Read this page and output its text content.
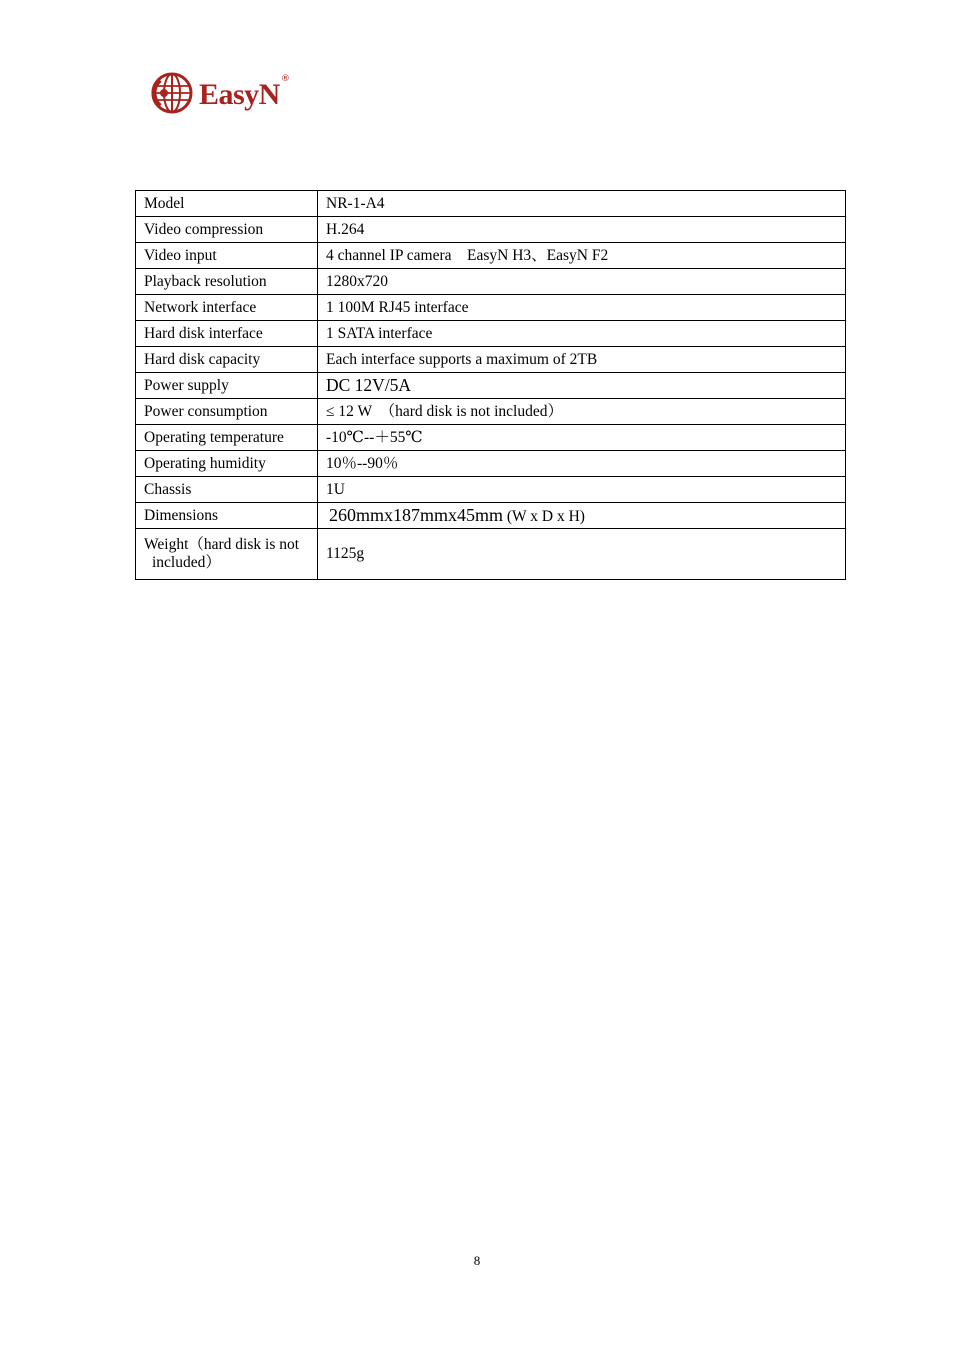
EasyN ®
Model	NR-1-A4
Video compression	H.264
Video input	4 channel IP camera　EasyN H3、EasyN F2
Playback resolution	1280x720
Network interface	1 100M RJ45 interface
Hard disk interface	1 SATA interface
Hard disk capacity	Each interface supports a maximum of 2TB
Power supply	DC 12V/5A
Power consumption	≤ 12 W　（hard disk is not included）
Operating temperature	-10℃--＋55℃
Operating humidity	10％--90％
Chassis	1U
Dimensions	260mmx187mmx45mm (W x D x H)
Weight（hard disk is not
included）	1125g
8
